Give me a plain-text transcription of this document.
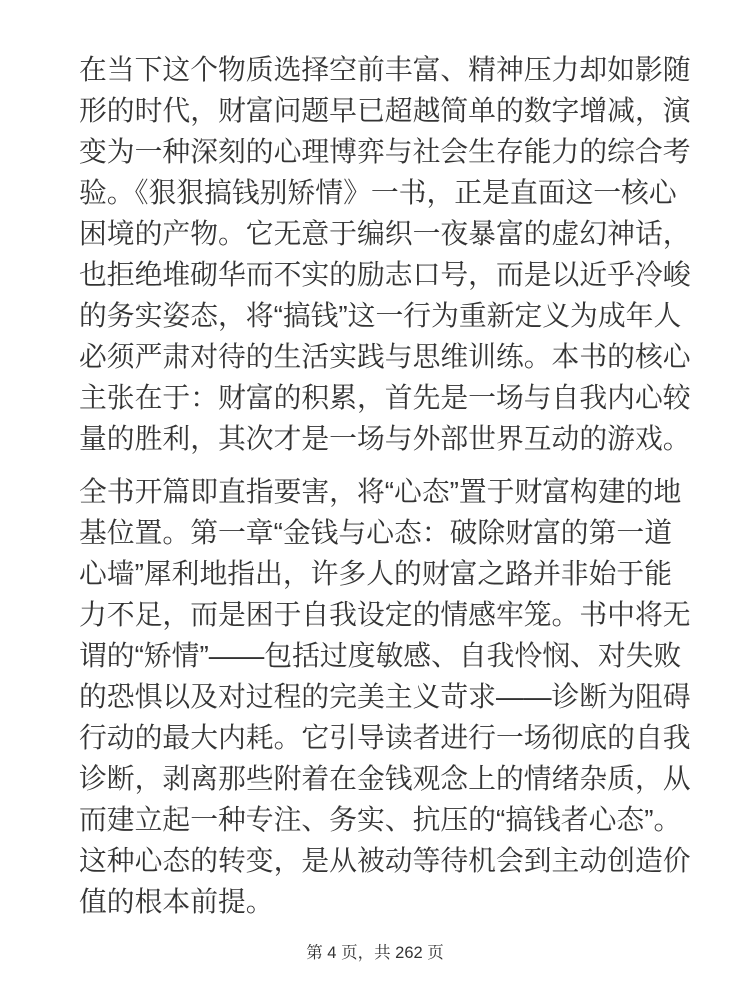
在当下这个物质选择空前丰富、精神压力却如影随形的时代，财富问题早已超越简单的数字增减，演变为一种深刻的心理博弈与社会生存能力的综合考验。《狠狠搞钱别矫情》一书，正是直面这一核心困境的产物。它无意于编织一夜暴富的虚幻神话，也拒绝堆砌华而不实的励志口号，而是以近乎冷峻的务实姿态，将“搞钱”这一行为重新定义为成年人必须严肃对待的生活实践与思维训练。本书的核心主张在于：财富的积累，首先是一场与自我内心较量的胜利，其次才是一场与外部世界互动的游戏。

全书开篇即直指要害，将“心态”置于财富构建的地基位置。第一章“金钱与心态：破除财富的第一道心墙”犀利地指出，许多人的财富之路并非始于能力不足，而是困于自我设定的情感牢笼。书中将无谓的“矫情”——包括过度敏感、自我怜悯、对失败的恐惧以及对过程的完美主义苛求——诊断为阻碍行动的最大内耗。它引导读者进行一场彻底的自我诊断，剥离那些附着在金钱观念上的情绪杂质，从而建立起一种专注、务实、抗压的“搞钱者心态”。这种心态的转变，是从被动等待机会到主动创造价值的根本前提。

第 4 页，共 262 页
